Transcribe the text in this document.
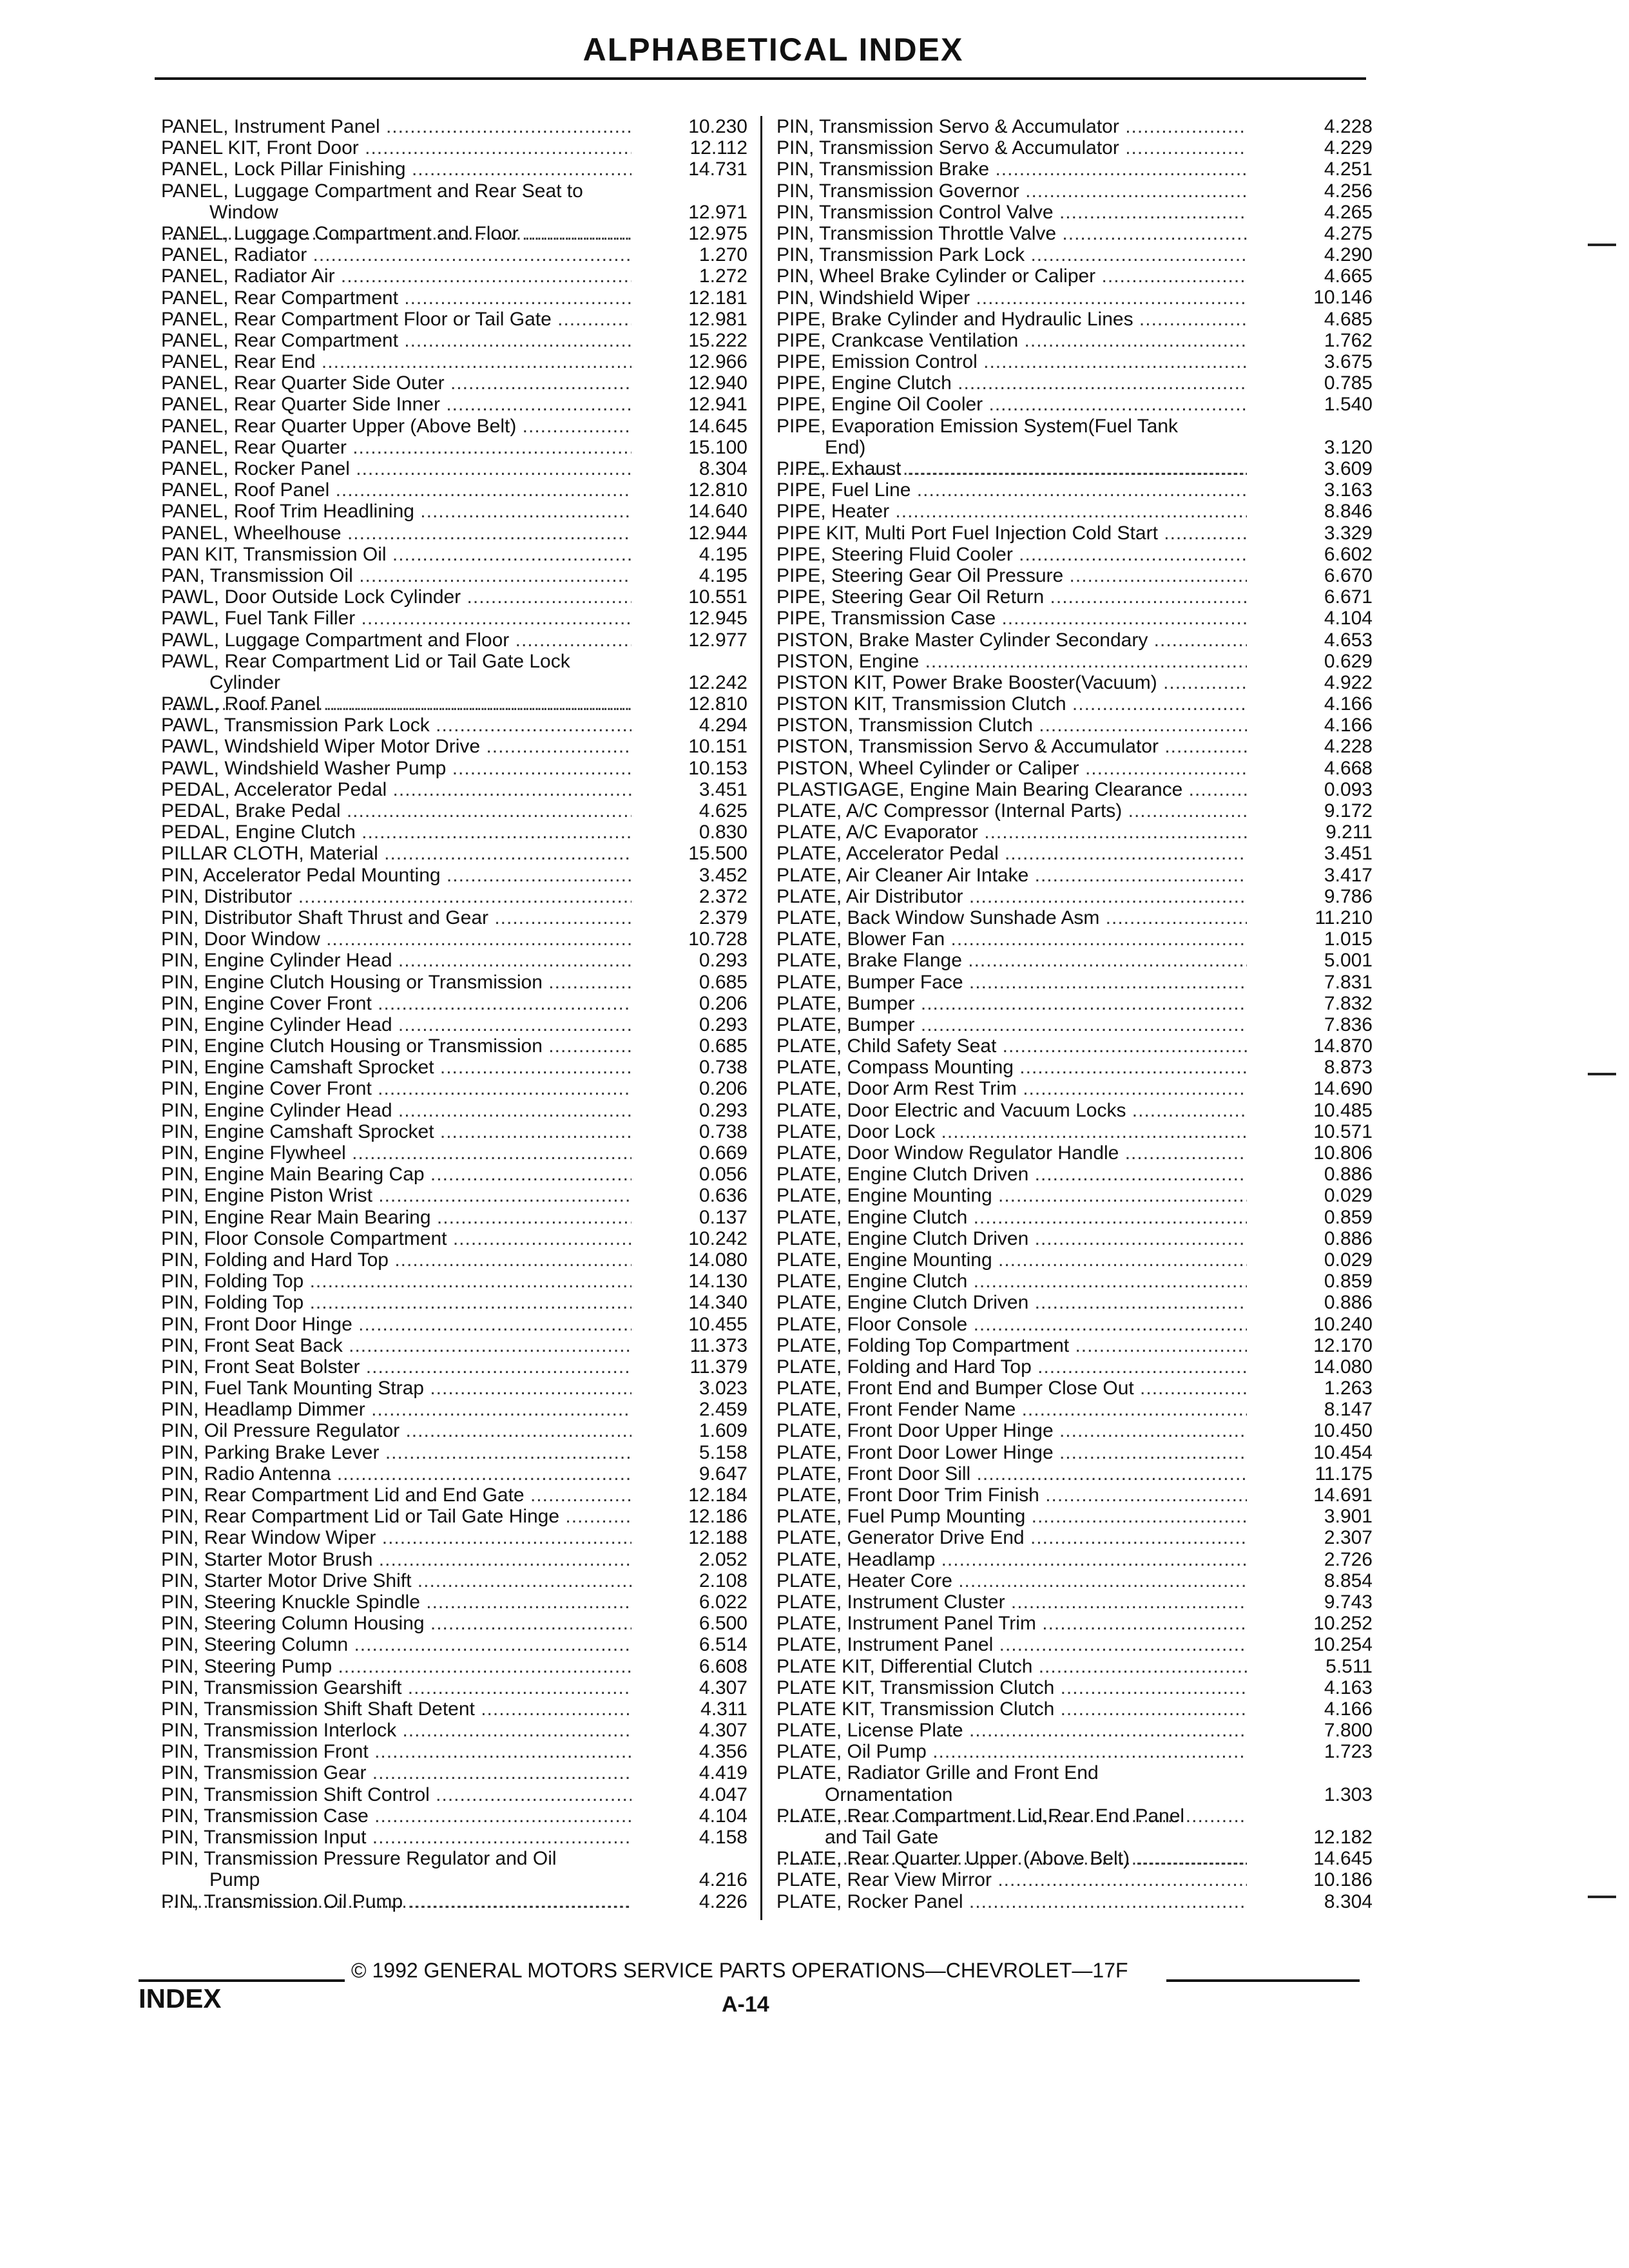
ALPHABETICAL INDEX
PANEL, Instrument Panel .....	10.230
PANEL KIT, Front Door .....	12.112
PANEL, Lock Pillar Finishing .....	14.731
PANEL, Luggage Compartment and Rear Seat to
Window
.....	12.971
PANEL, Luggage Compartment and Floor .....	12.975
PANEL, Radiator .....	1.270
PANEL, Radiator Air .....	1.272
PANEL, Rear Compartment .....	12.181
PANEL, Rear Compartment Floor or Tail Gate .....	12.981
PANEL, Rear Compartment .....	15.222
PANEL, Rear End .....	12.966
PANEL, Rear Quarter Side Outer .....	12.940
PANEL, Rear Quarter Side Inner .....	12.941
PANEL, Rear Quarter Upper (Above Belt) .....	14.645
PANEL, Rear Quarter .....	15.100
PANEL, Rocker Panel .....	8.304
PANEL, Roof Panel .....	12.810
PANEL, Roof Trim Headlining .....	14.640
PANEL, Wheelhouse .....	12.944
PAN KIT, Transmission Oil .....	4.195
PAN, Transmission Oil .....	4.195
PAWL, Door Outside Lock Cylinder .....	10.551
PAWL, Fuel Tank Filler .....	12.945
PAWL, Luggage Compartment and Floor .....	12.977
PAWL, Rear Compartment Lid or Tail Gate Lock
Cylinder
.....	12.242
PAWL, Roof Panel .....	12.810
PAWL, Transmission Park Lock .....	4.294
PAWL, Windshield Wiper Motor Drive .....	10.151
PAWL, Windshield Washer Pump .....	10.153
PEDAL, Accelerator Pedal .....	3.451
PEDAL, Brake Pedal .....	4.625
PEDAL, Engine Clutch .....	0.830
PILLAR CLOTH, Material .....	15.500
PIN, Accelerator Pedal Mounting .....	3.452
PIN, Distributor .....	2.372
PIN, Distributor Shaft Thrust and Gear .....	2.379
PIN, Door Window .....	10.728
PIN, Engine Cylinder Head .....	0.293
PIN, Engine Clutch Housing or Transmission .....	0.685
PIN, Engine Cover Front .....	0.206
PIN, Engine Cylinder Head .....	0.293
PIN, Engine Clutch Housing or Transmission .....	0.685
PIN, Engine Camshaft Sprocket .....	0.738
PIN, Engine Cover Front .....	0.206
PIN, Engine Cylinder Head .....	0.293
PIN, Engine Camshaft Sprocket .....	0.738
PIN, Engine Flywheel .....	0.669
PIN, Engine Main Bearing Cap .....	0.056
PIN, Engine Piston Wrist .....	0.636
PIN, Engine Rear Main Bearing .....	0.137
PIN, Floor Console Compartment .....	10.242
PIN, Folding and Hard Top .....	14.080
PIN, Folding Top .....	14.130
PIN, Folding Top .....	14.340
PIN, Front Door Hinge .....	10.455
PIN, Front Seat Back .....	11.373
PIN, Front Seat Bolster .....	11.379
PIN, Fuel Tank Mounting Strap .....	3.023
PIN, Headlamp Dimmer .....	2.459
PIN, Oil Pressure Regulator .....	1.609
PIN, Parking Brake Lever .....	5.158
PIN, Radio Antenna .....	9.647
PIN, Rear Compartment Lid and End Gate .....	12.184
PIN, Rear Compartment Lid or Tail Gate Hinge .....	12.186
PIN, Rear Window Wiper .....	12.188
PIN, Starter Motor Brush .....	2.052
PIN, Starter Motor Drive Shift .....	2.108
PIN, Steering Knuckle Spindle .....	6.022
PIN, Steering Column Housing .....	6.500
PIN, Steering Column .....	6.514
PIN, Steering Pump .....	6.608
PIN, Transmission Gearshift .....	4.307
PIN, Transmission Shift Shaft Detent .....	4.311
PIN, Transmission Interlock .....	4.307
PIN, Transmission Front .....	4.356
PIN, Transmission Gear .....	4.419
PIN, Transmission Shift Control .....	4.047
PIN, Transmission Case .....	4.104
PIN, Transmission Input .....	4.158
PIN, Transmission Pressure Regulator and Oil
Pump
.....	4.216
PIN, Transmission Oil Pump .....	4.226
PIN, Transmission Servo & Accumulator .....	4.228
PIN, Transmission Servo & Accumulator .....	4.229
PIN, Transmission Brake .....	4.251
PIN, Transmission Governor .....	4.256
PIN, Transmission Control Valve .....	4.265
PIN, Transmission Throttle Valve .....	4.275
PIN, Transmission Park Lock .....	4.290
PIN, Wheel Brake Cylinder or Caliper .....	4.665
PIN, Windshield Wiper .....	10.146
PIPE, Brake Cylinder and Hydraulic Lines .....	4.685
PIPE, Crankcase Ventilation .....	1.762
PIPE, Emission Control .....	3.675
PIPE, Engine Clutch .....	0.785
PIPE, Engine Oil Cooler .....	1.540
PIPE, Evaporation Emission System(Fuel Tank
End)
.....	3.120
PIPE, Exhaust .....	3.609
PIPE, Fuel Line .....	3.163
PIPE, Heater .....	8.846
PIPE KIT, Multi Port Fuel Injection Cold Start .....	3.329
PIPE, Steering Fluid Cooler .....	6.602
PIPE, Steering Gear Oil Pressure .....	6.670
PIPE, Steering Gear Oil Return .....	6.671
PIPE, Transmission Case .....	4.104
PISTON, Brake Master Cylinder Secondary .....	4.653
PISTON, Engine .....	0.629
PISTON KIT, Power Brake Booster(Vacuum) .....	4.922
PISTON KIT, Transmission Clutch .....	4.166
PISTON, Transmission Clutch .....	4.166
PISTON, Transmission Servo & Accumulator .....	4.228
PISTON, Wheel Cylinder or Caliper .....	4.668
PLASTIGAGE, Engine Main Bearing Clearance .....	0.093
PLATE, A/C Compressor (Internal Parts) .....	9.172
PLATE, A/C Evaporator .....	9.211
PLATE, Accelerator Pedal .....	3.451
PLATE, Air Cleaner Air Intake .....	3.417
PLATE, Air Distributor .....	9.786
PLATE, Back Window Sunshade Asm .....	11.210
PLATE, Blower Fan .....	1.015
PLATE, Brake Flange .....	5.001
PLATE, Bumper Face .....	7.831
PLATE, Bumper .....	7.832
PLATE, Bumper .....	7.836
PLATE, Child Safety Seat .....	14.870
PLATE, Compass Mounting .....	8.873
PLATE, Door Arm Rest Trim .....	14.690
PLATE, Door Electric and Vacuum Locks .....	10.485
PLATE, Door Lock .....	10.571
PLATE, Door Window Regulator Handle .....	10.806
PLATE, Engine Clutch Driven .....	0.886
PLATE, Engine Mounting .....	0.029
PLATE, Engine Clutch .....	0.859
PLATE, Engine Clutch Driven .....	0.886
PLATE, Engine Mounting .....	0.029
PLATE, Engine Clutch .....	0.859
PLATE, Engine Clutch Driven .....	0.886
PLATE, Floor Console .....	10.240
PLATE, Folding Top Compartment .....	12.170
PLATE, Folding and Hard Top .....	14.080
PLATE, Front End and Bumper Close Out .....	1.263
PLATE, Front Fender Name .....	8.147
PLATE, Front Door Upper Hinge .....	10.450
PLATE, Front Door Lower Hinge .....	10.454
PLATE, Front Door Sill .....	11.175
PLATE, Front Door Trim Finish .....	14.691
PLATE, Fuel Pump Mounting .....	3.901
PLATE, Generator Drive End .....	2.307
PLATE, Headlamp .....	2.726
PLATE, Heater Core .....	8.854
PLATE, Instrument Cluster .....	9.743
PLATE, Instrument Panel Trim .....	10.252
PLATE, Instrument Panel .....	10.254
PLATE KIT, Differential Clutch .....	5.511
PLATE KIT, Transmission Clutch .....	4.163
PLATE KIT, Transmission Clutch .....	4.166
PLATE, License Plate .....	7.800
PLATE, Oil Pump .....	1.723
PLATE, Radiator Grille and Front End
Ornamentation
.....	1.303
PLATE, Rear Compartment Lid,Rear End Panel
and Tail Gate
.....	12.182
PLATE, Rear Quarter Upper (Above Belt) .....	14.645
PLATE, Rear View Mirror .....	10.186
PLATE, Rocker Panel .....	8.304
© 1992 GENERAL MOTORS SERVICE PARTS OPERATIONS—CHEVROLET—17F
INDEX	A-14
